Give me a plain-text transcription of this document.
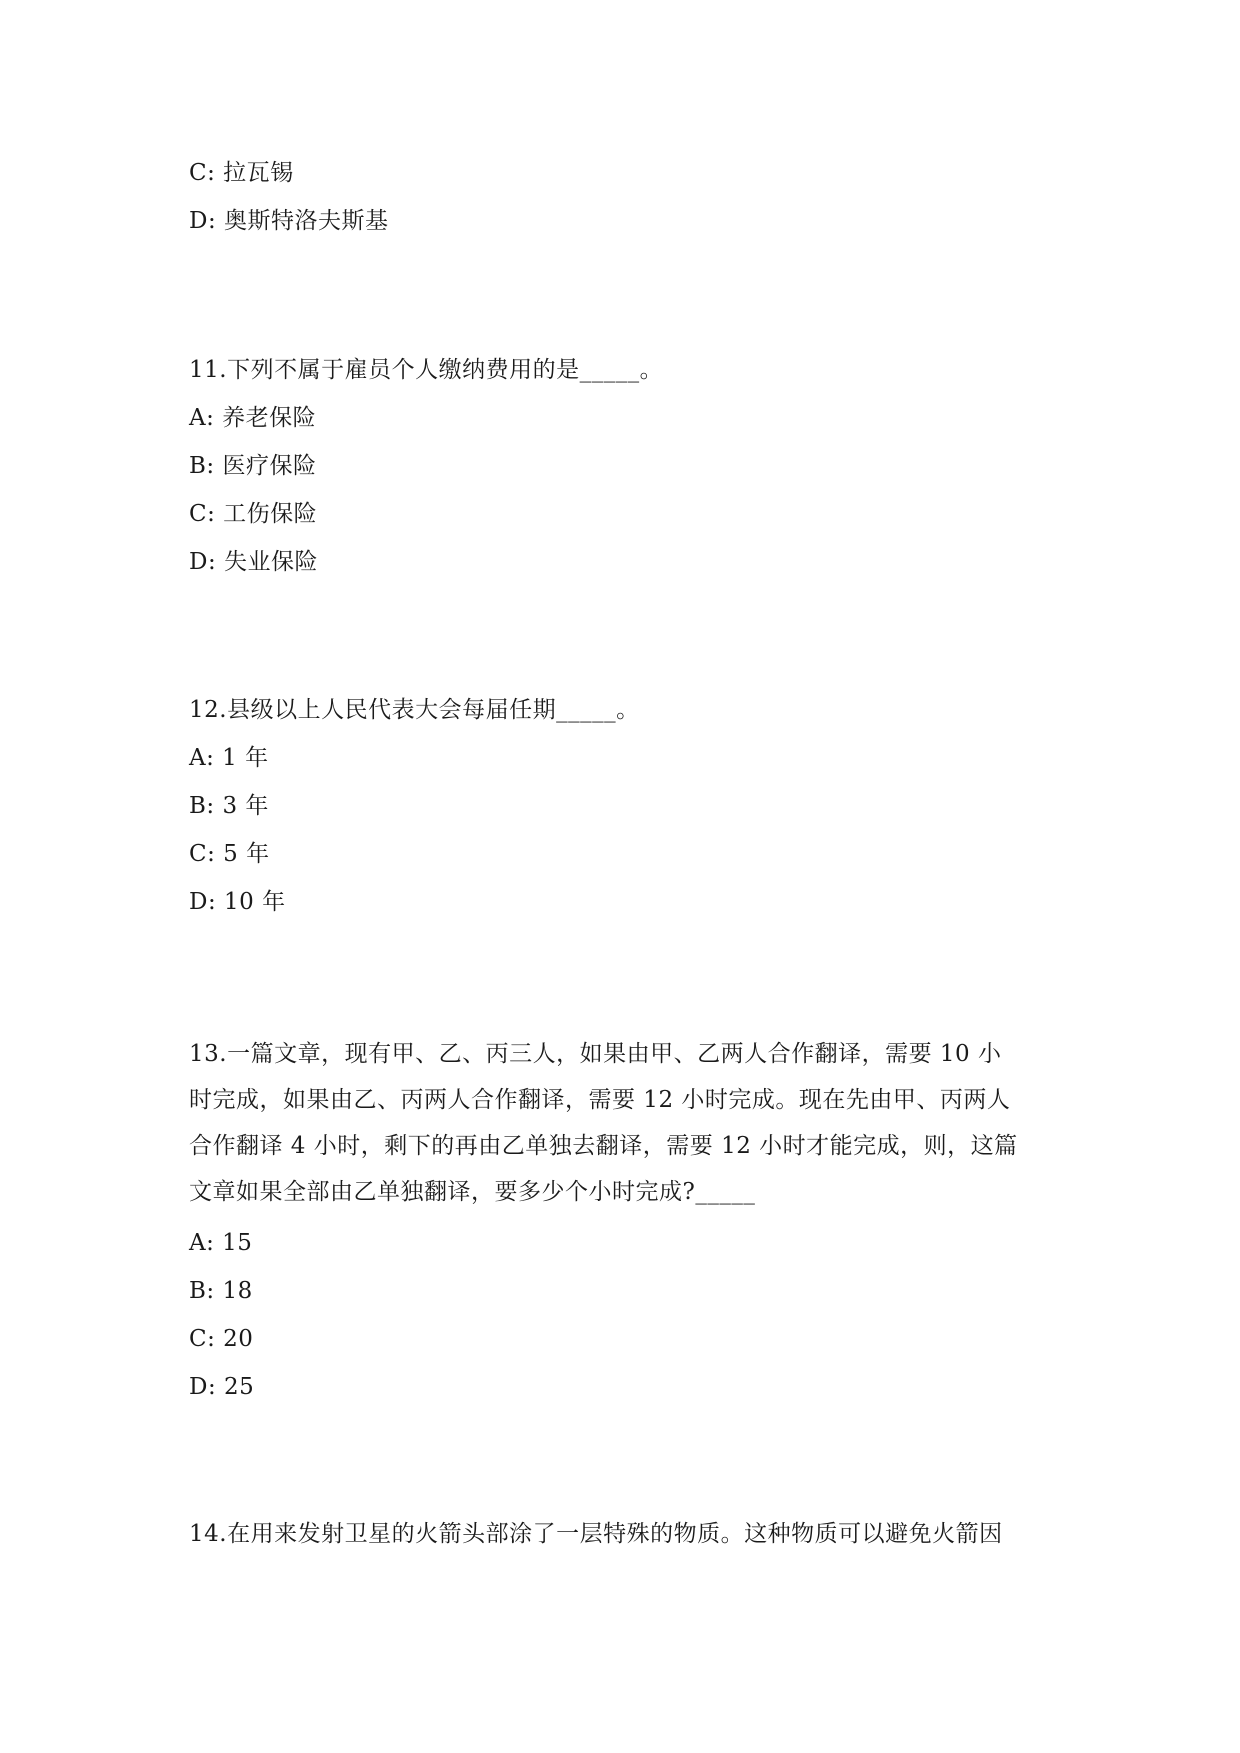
C: 拉瓦锡
D: 奥斯特洛夫斯基
11.下列不属于雇员个人缴纳费用的是_____。
A: 养老保险
B: 医疗保险
C: 工伤保险
D: 失业保险
12.县级以上人民代表大会每届任期_____。
A: 1 年
B: 3 年
C: 5 年
D: 10 年
13.一篇文章，现有甲、乙、丙三人，如果由甲、乙两人合作翻译，需要 10 小
时完成，如果由乙、丙两人合作翻译，需要 12 小时完成。现在先由甲、丙两人
合作翻译 4 小时，剩下的再由乙单独去翻译，需要 12 小时才能完成，则，这篇
文章如果全部由乙单独翻译，要多少个小时完成?_____
A: 15
B: 18
C: 20
D: 25
14.在用来发射卫星的火箭头部涂了一层特殊的物质。这种物质可以避免火箭因
